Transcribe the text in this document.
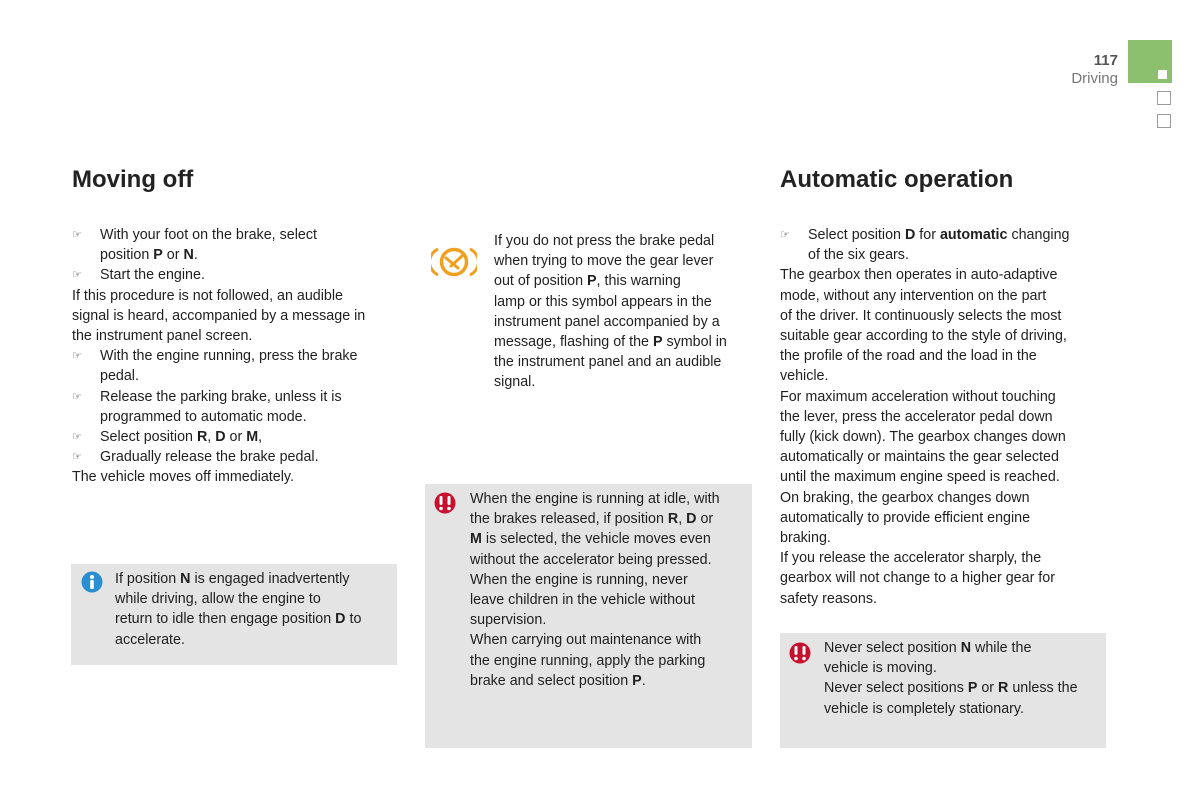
117
Driving
Moving off
☞ With your foot on the brake, select
position P or N.
☞ Start the engine.
If this procedure is not followed, an audible
signal is heard, accompanied by a message in
the instrument panel screen.
☞ With the engine running, press the brake
pedal.
☞ Release the parking brake, unless it is
programmed to automatic mode.
☞ Select position R, D or M,
☞ Gradually release the brake pedal.
The vehicle moves off immediately.
If position N is engaged inadvertently
while driving, allow the engine to
return to idle then engage position D to
accelerate.
If you do not press the brake pedal
when trying to move the gear lever
out of position P, this warning
lamp or this symbol appears in the
instrument panel accompanied by a
message, flashing of the P symbol in
the instrument panel and an audible
signal.
When the engine is running at idle, with
the brakes released, if position R, D or
M is selected, the vehicle moves even
without the accelerator being pressed.
When the engine is running, never
leave children in the vehicle without
supervision.
When carrying out maintenance with
the engine running, apply the parking
brake and select position P.
Automatic operation
☞ Select position D for automatic changing
of the six gears.
The gearbox then operates in auto-adaptive
mode, without any intervention on the part
of the driver. It continuously selects the most
suitable gear according to the style of driving,
the profile of the road and the load in the
vehicle.
For maximum acceleration without touching
the lever, press the accelerator pedal down
fully (kick down). The gearbox changes down
automatically or maintains the gear selected
until the maximum engine speed is reached.
On braking, the gearbox changes down
automatically to provide efficient engine
braking.
If you release the accelerator sharply, the
gearbox will not change to a higher gear for
safety reasons.
Never select position N while the
vehicle is moving.
Never select positions P or R unless the
vehicle is completely stationary.
